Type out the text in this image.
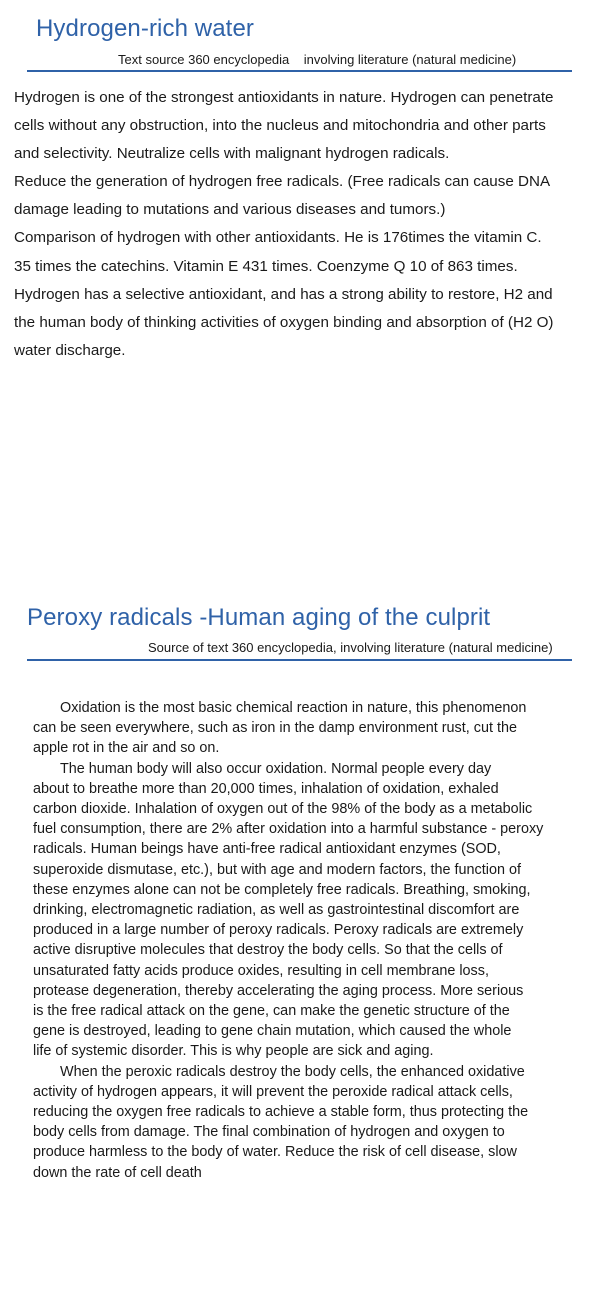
Hydrogen-rich water
Text source 360 encyclopedia    involving literature (natural medicine)

Hydrogen is one of the strongest antioxidants in nature. Hydrogen can penetrate
cells without any obstruction, into the nucleus and mitochondria and other parts
and selectivity. Neutralize cells with malignant hydrogen radicals.
Reduce the generation of hydrogen free radicals. (Free radicals can cause DNA
damage leading to mutations and various diseases and tumors.)
Comparison of hydrogen with other antioxidants. He is 176times the vitamin C.
35 times the catechins. Vitamin E 431 times. Coenzyme Q 10 of 863 times.
Hydrogen has a selective antioxidant, and has a strong ability to restore, H2 and
the human body of thinking activities of oxygen binding and absorption of (H2 O)
water discharge.

Peroxy radicals -Human aging of the culprit
Source of text 360 encyclopedia, involving literature (natural medicine)

Oxidation is the most basic chemical reaction in nature, this phenomenon
can be seen everywhere, such as iron in the damp environment rust, cut the
apple rot in the air and so on.
The human body will also occur oxidation. Normal people every day
about to breathe more than 20,000 times, inhalation of oxidation, exhaled
carbon dioxide. Inhalation of oxygen out of the 98% of the body as a metabolic
fuel consumption, there are 2% after oxidation into a harmful substance - peroxy
radicals. Human beings have anti-free radical antioxidant enzymes (SOD,
superoxide dismutase, etc.), but with age and modern factors, the function of
these enzymes alone can not be completely free radicals. Breathing, smoking,
drinking, electromagnetic radiation, as well as gastrointestinal discomfort are
produced in a large number of peroxy radicals. Peroxy radicals are extremely
active disruptive molecules that destroy the body cells. So that the cells of
unsaturated fatty acids produce oxides, resulting in cell membrane loss,
protease degeneration, thereby accelerating the aging process. More serious
is the free radical attack on the gene, can make the genetic structure of the
gene is destroyed, leading to gene chain mutation, which caused the whole
life of systemic disorder. This is why people are sick and aging.
When the peroxic radicals destroy the body cells, the enhanced oxidative
activity of hydrogen appears, it will prevent the peroxide radical attack cells,
reducing the oxygen free radicals to achieve a stable form, thus protecting the
body cells from damage. The final combination of hydrogen and oxygen to
produce harmless to the body of water. Reduce the risk of cell disease, slow
down the rate of cell death
